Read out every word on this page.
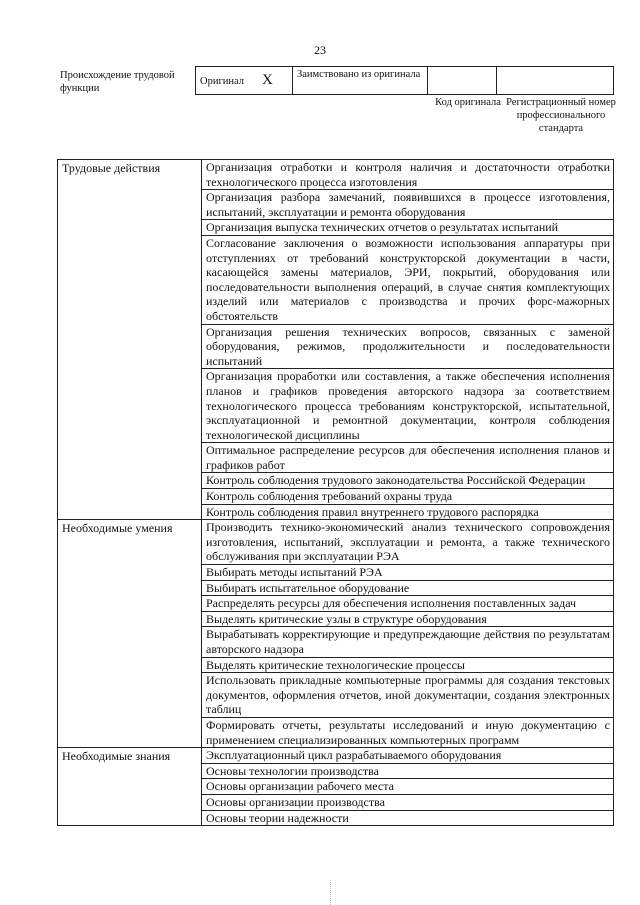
23
Происхождение трудовой функции
Оригинал X	Заимствовано из оригинала		
Код оригинала Регистрационный номер профессионального стандарта
Трудовые действия	Организация отработки и контроля наличия и достаточности отработки технологического процесса изготовления
	Организация разбора замечаний, появившихся в процессе изготовления, испытаний, эксплуатации и ремонта оборудования
	Организация выпуска технических отчетов о результатах испытаний
	Согласование заключения о возможности использования аппаратуры при отступлениях от требований конструкторской документации в части, касающейся замены материалов, ЭРИ, покрытий, оборудования или последовательности выполнения операций, в случае снятия комплектующих изделий или материалов с производства и прочих форс-мажорных обстоятельств
	Организация решения технических вопросов, связанных с заменой оборудования, режимов, продолжительности и последовательности испытаний
	Организация проработки или составления, а также обеспечения исполнения планов и графиков проведения авторского надзора за соответствием технологического процесса требованиям конструкторской, испытательной, эксплуатационной и ремонтной документации, контроля соблюдения технологической дисциплины
	Оптимальное распределение ресурсов для обеспечения исполнения планов и графиков работ
	Контроль соблюдения трудового законодательства Российской Федерации
	Контроль соблюдения требований охраны труда
	Контроль соблюдения правил внутреннего трудового распорядка
Необходимые умения	Производить технико-экономический анализ технического сопровождения изготовления, испытаний, эксплуатации и ремонта, а также технического обслуживания при эксплуатации РЭА
	Выбирать методы испытаний РЭА
	Выбирать испытательное оборудование
	Распределять ресурсы для обеспечения исполнения поставленных задач
	Выделять критические узлы в структуре оборудования
	Вырабатывать корректирующие и предупреждающие действия по результатам авторского надзора
	Выделять критические технологические процессы
	Использовать прикладные компьютерные программы для создания текстовых документов, оформления отчетов, иной документации, создания электронных таблиц
	Формировать отчеты, результаты исследований и иную документацию с применением специализированных компьютерных программ
Необходимые знания	Эксплуатационный цикл разрабатываемого оборудования
	Основы технологии производства
	Основы организации рабочего места
	Основы организации производства
	Основы теории надежности
